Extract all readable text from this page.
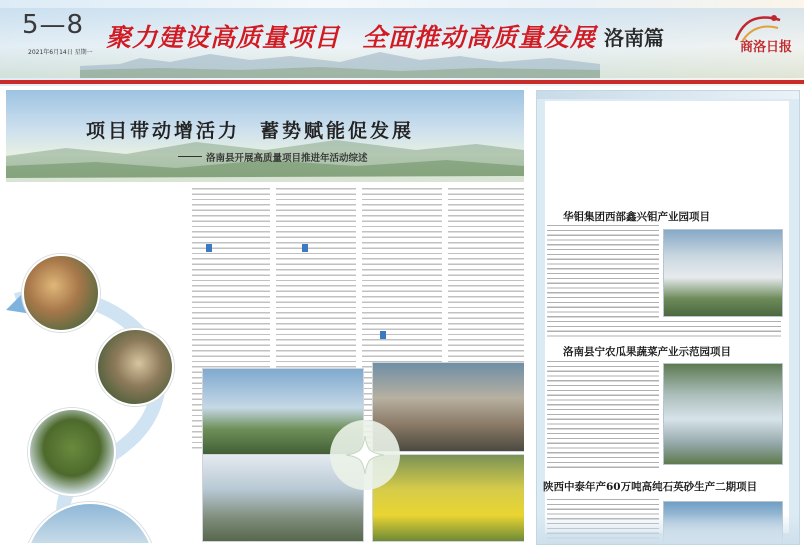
5—8
2021年6月14日 星期一
聚力建设高质量项目 全面推动高质量发展 洛南篇	商洛日报
项目带动增活力 蓄势赋能促发展
洛南县开展高质量项目推进年活动综述
华钼集团西部鑫兴钼产业园项目
洛南县宁农瓜果蔬菜产业示范园项目
陕西中泰年产60万吨高纯石英砂生产二期项目
